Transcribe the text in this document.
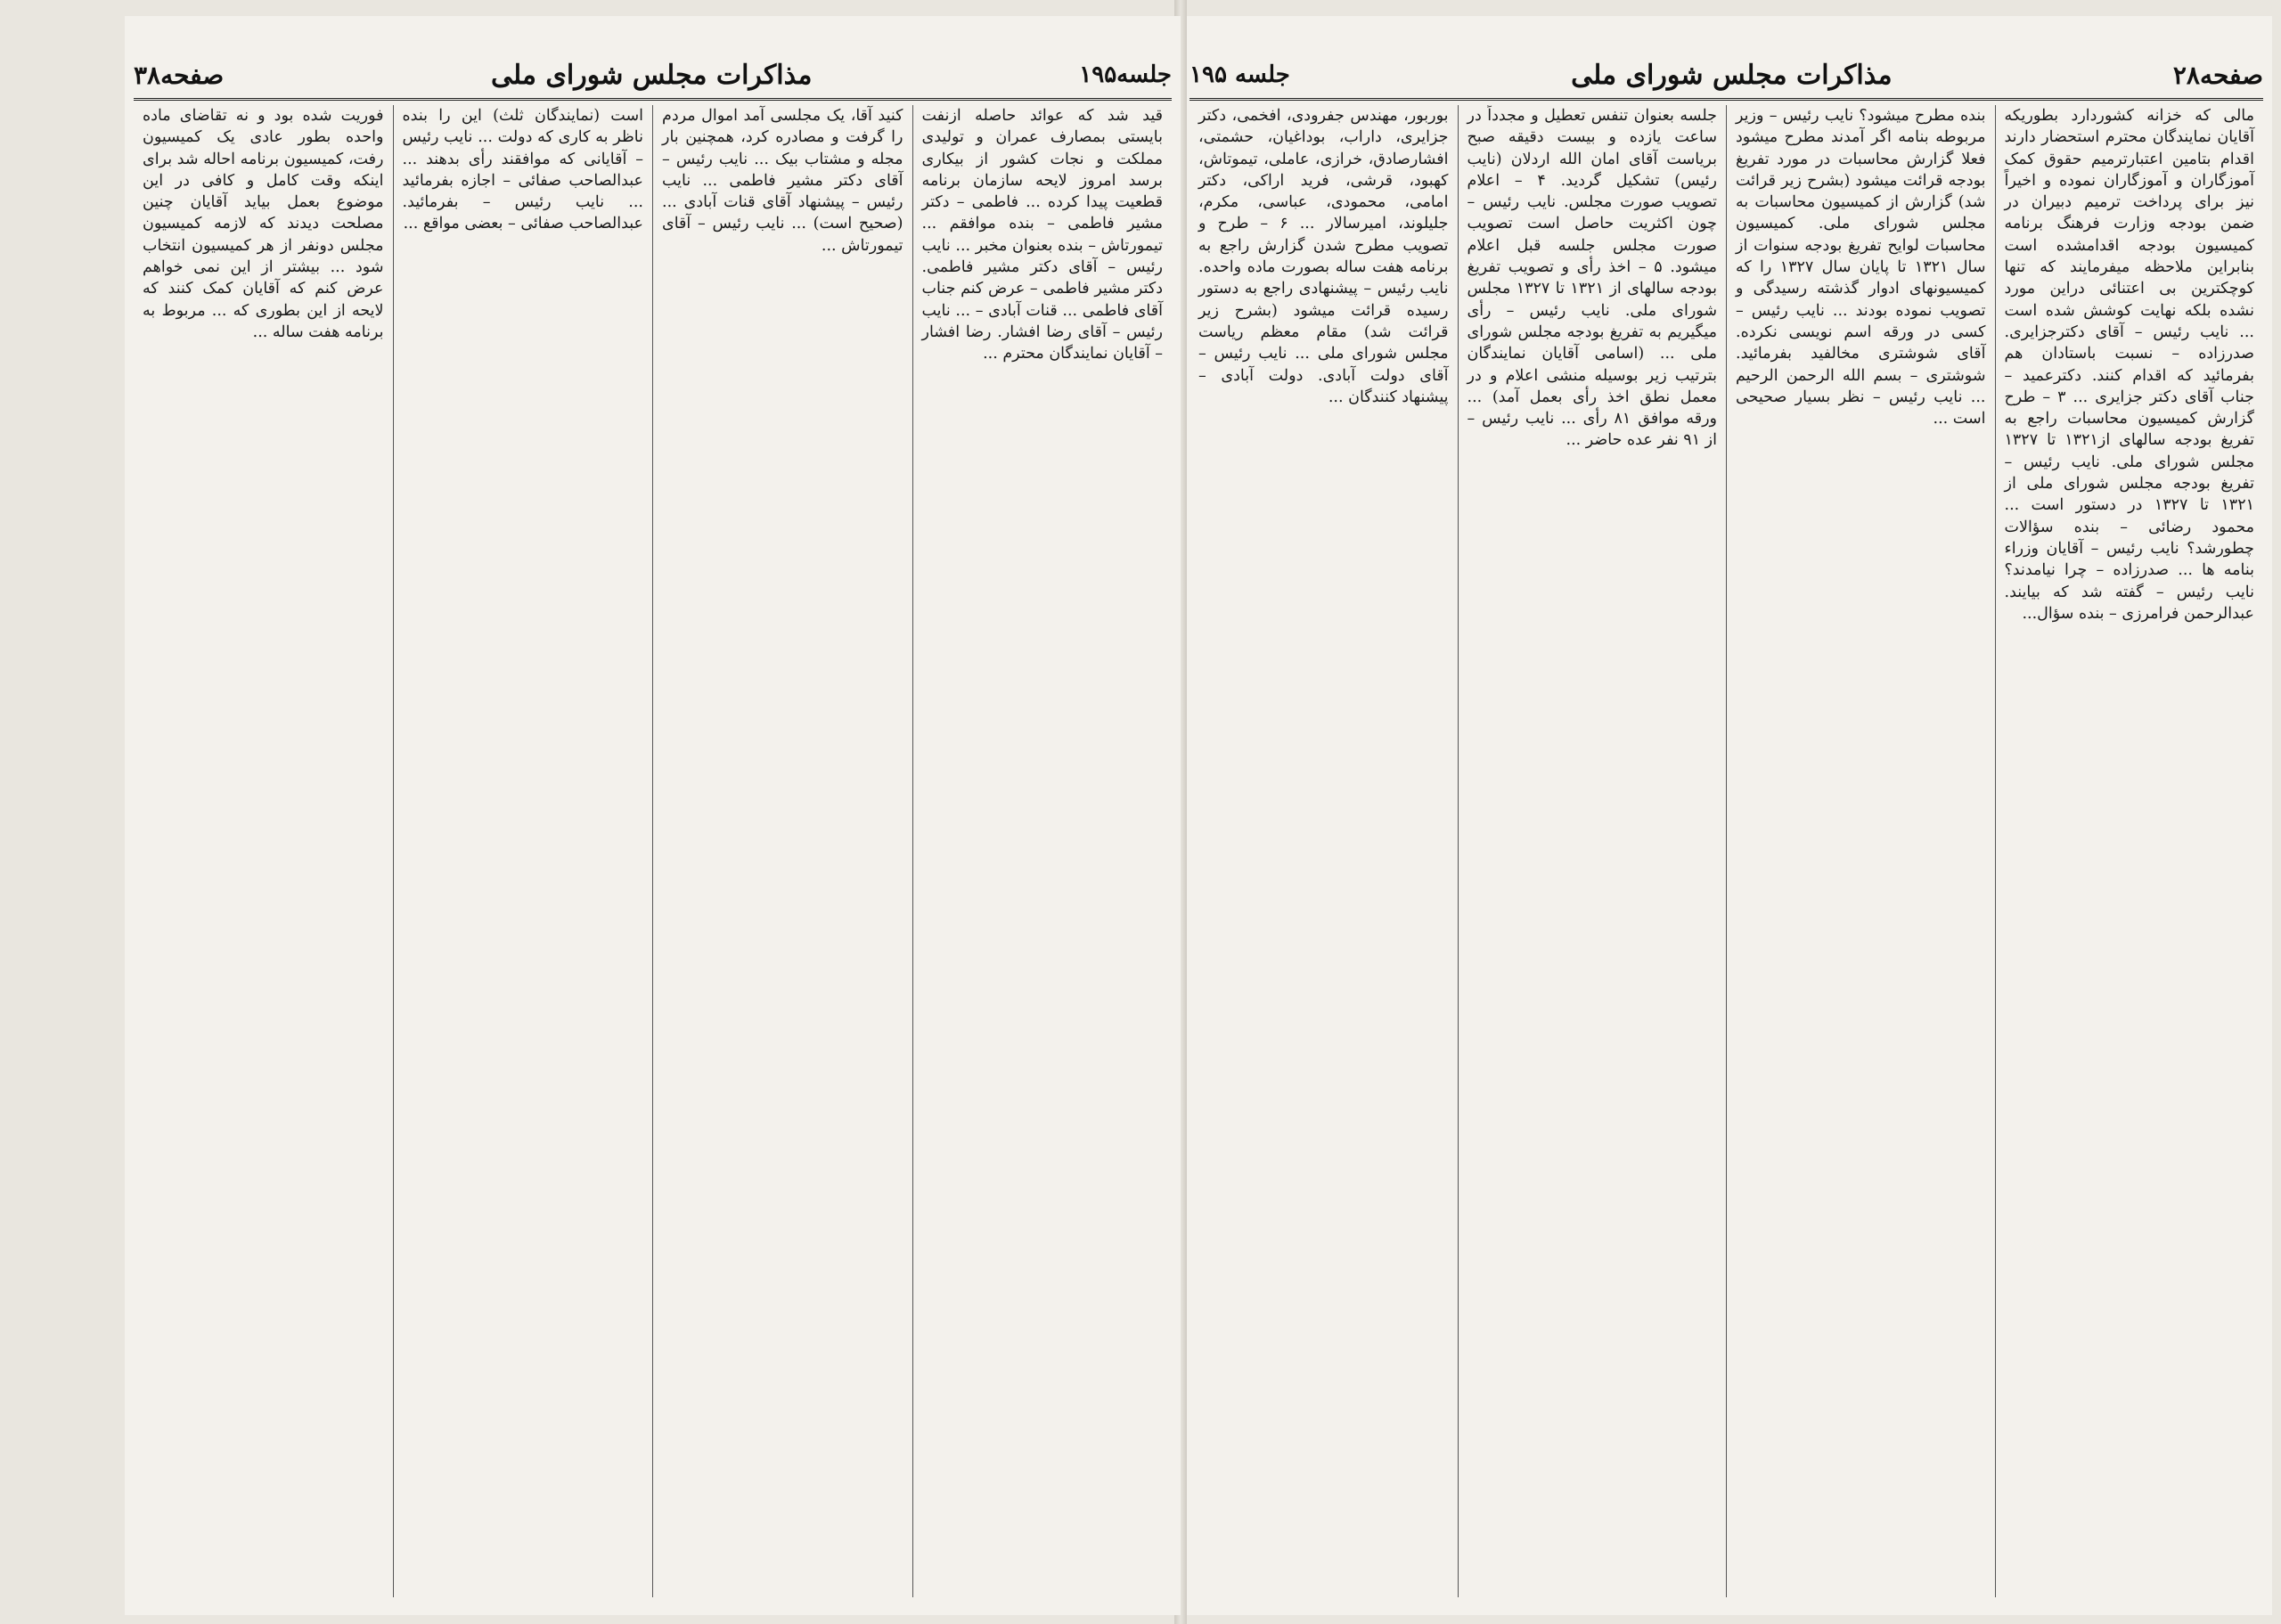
صفحه۲۸
مذاکرات مجلس شورای ملی
جلسه ۱۹۵

مالی که خزانه کشوردارد بطوریکه آقایان نمایندگان محترم استحضار دارند اقدام بتامین اعتبارترمیم حقوق کمک آموزگاران و آموزگاران نموده و اخیراً نیز برای پرداخت ترمیم دبیران در ضمن بودجه وزارت فرهنگ برنامه کمیسیون بودجه اقدامشده است بنابراین ملاحظه میفرمایند که تنها کوچکترین بی اعتنائی دراین مورد نشده بلکه نهایت کوشش شده است ... نایب رئیس – آقای دکترجزایری. صدرزاده – نسبت باستادان هم بفرمائید که اقدام کنند. دکترعمید – جناب آقای دکتر جزایری ... ۳ – طرح گزارش کمیسیون محاسبات راجع به تفریغ بودجه سالهای از۱۳۲۱ تا ۱۳۲۷ مجلس شورای ملی. نایب رئیس – تفریغ بودجه مجلس شورای ملی از ۱۳۲۱ تا ۱۳۲۷ در دستور است ... محمود رضائی – بنده سؤالات چطورشد؟ نایب رئیس – آقایان وزراء بنامه ها ... صدرزاده – چرا نیامدند؟ نایب رئیس – گفته شد که بیایند. عبدالرحمن فرامرزی – بنده سؤال...

بنده مطرح میشود؟ نایب رئیس – وزیر مربوطه بنامه اگر آمدند مطرح میشود فعلا گزارش محاسبات در مورد تفریغ بودجه قرائت میشود (بشرح زیر قرائت شد) گزارش از کمیسیون محاسبات به مجلس شورای ملی. کمیسیون محاسبات لوایح تفریغ بودجه سنوات از سال ۱۳۲۱ تا پایان سال ۱۳۲۷ را که کمیسیونهای ادوار گذشته رسیدگی و تصویب نموده بودند ... نایب رئیس – کسی در ورقه اسم نویسی نکرده. آقای شوشتری مخالفید بفرمائید. شوشتری – بسم الله الرحمن الرحیم ... نایب رئیس – نظر بسیار صحیحی است ...

جلسه بعنوان تنفس تعطیل و مجدداً در ساعت یازده و بیست دقیقه صبح بریاست آقای امان الله اردلان (نایب رئیس) تشکیل گردید. ۴ – اعلام تصویب صورت مجلس. نایب رئیس – چون اکثریت حاصل است تصویب صورت مجلس جلسه قبل اعلام میشود. ۵ – اخذ رأی و تصویب تفریغ بودجه سالهای از ۱۳۲۱ تا ۱۳۲۷ مجلس شورای ملی. نایب رئیس – رأی میگیریم به تفریغ بودجه مجلس شورای ملی ... (اسامی آقایان نمایندگان بترتیب زیر بوسیله منشی اعلام و در معمل نطق اخذ رأی بعمل آمد) ... ورقه موافق ۸۱ رأی ... نایب رئیس – از ۹۱ نفر عده حاضر ...

بوربور، مهندس جفرودی، افخمی، دکتر جزایری، داراب، بوداغیان، حشمتی، افشارصادق، خرازی، عاملی، تیموتاش، کهبود، قرشی، فرید اراکی، دکتر امامی، محمودی، عباسی، مکرم، جلیلوند، امیرسالار ... ۶ – طرح و تصویب مطرح شدن گزارش راجع به برنامه هفت ساله بصورت ماده واحده. نایب رئیس – پیشنهادی راجع به دستور رسیده قرائت میشود (بشرح زیر قرائت شد) مقام معظم ریاست مجلس شورای ملی ... نایب رئیس – آقای دولت آبادی. دولت آبادی – پیشنهاد کنندگان ...

جلسه۱۹۵
مذاکرات مجلس شورای ملی
صفحه۳۸

قید شد که عوائد حاصله ازنفت بایستی بمصارف عمران و تولیدی مملکت و نجات کشور از بیکاری برسد امروز لایحه سازمان برنامه قطعیت پیدا کرده ... فاطمی – دکتر مشیر فاطمی – بنده موافقم ... تیمورتاش – بنده بعنوان مخبر ... نایب رئیس – آقای دکتر مشیر فاطمی. دکتر مشیر فاطمی – عرض کنم جناب آقای فاطمی ... قنات آبادی – ... نایب رئیس – آقای رضا افشار. رضا افشار – آقایان نمایندگان محترم ...

کنید آقا، یک مجلسی آمد اموال مردم را گرفت و مصادره کرد، همچنین بار مجله و مشتاب بیک ... نایب رئیس – آقای دکتر مشیر فاطمی ... نایب رئیس – پیشنهاد آقای قنات آبادی ... (صحیح است) ... نایب رئیس – آقای تیمورتاش ...

است (نمایندگان ثلث) این را بنده ناظر به کاری که دولت ... نایب رئیس – آقایانی که موافقند رأی بدهند ... عبدالصاحب صفائی – اجازه بفرمائید ... نایب رئیس – بفرمائید. عبدالصاحب صفائی – بعضی مواقع ...

فوریت شده بود و نه تقاضای ماده واحده بطور عادی یک کمیسیون رفت، کمیسیون برنامه احاله شد برای اینکه وقت کامل و کافی در این موضوع بعمل بیاید آقایان چنین مصلحت دیدند که لازمه کمیسیون مجلس دونفر از هر کمیسیون انتخاب شود ... بیشتر از این نمی خواهم عرض کنم که آقایان کمک کنند که لایحه از این بطوری که ... مربوط به برنامه هفت ساله ...
